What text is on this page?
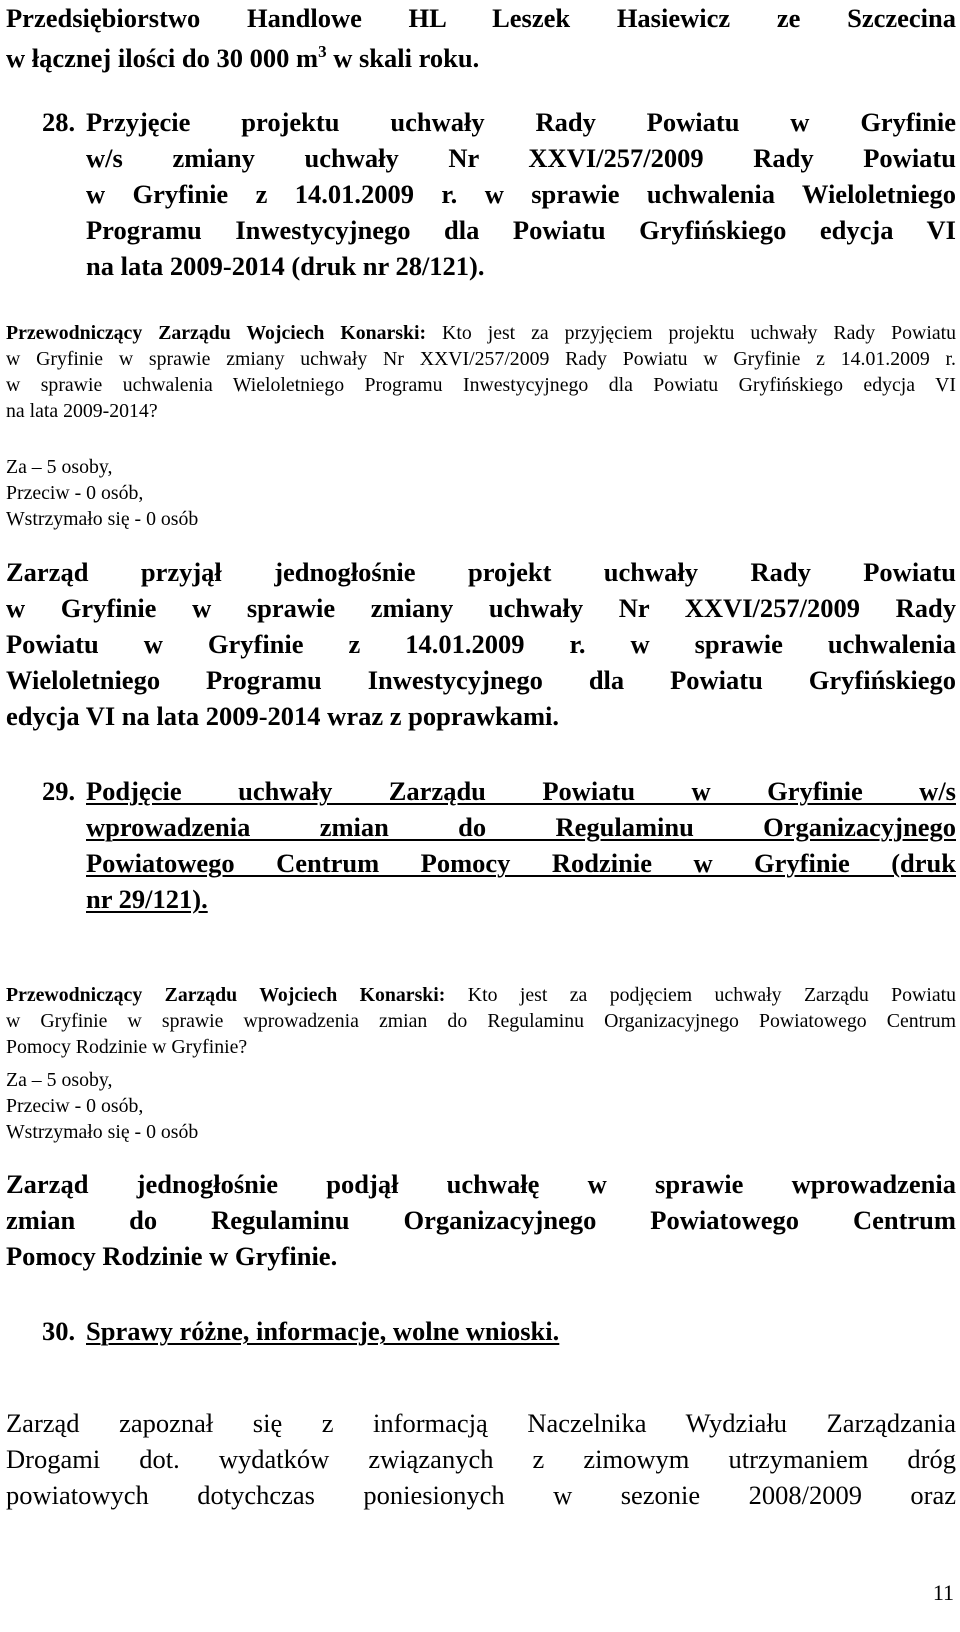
Przedsiębiorstwo Handlowe HL Leszek Hasiewicz ze Szczecina
w łącznej ilości do 30 000 $m^3$ w skali roku.
28. Przyjęcie projektu uchwały Rady Powiatu w Gryfinie
w/s zmiany uchwały Nr XXVI/257/2009 Rady Powiatu
w Gryfinie z 14.01.2009 r. w sprawie uchwalenia Wieloletniego
Programu Inwestycyjnego dla Powiatu Gryfińskiego edycja VI
na lata 2009-2014 (druk nr 28/121).
Przewodniczący Zarządu Wojciech Konarski: Kto jest za przyjęciem projektu uchwały Rady Powiatu
w Gryfinie w sprawie zmiany uchwały Nr XXVI/257/2009 Rady Powiatu w Gryfinie z 14.01.2009 r.
w sprawie uchwalenia Wieloletniego Programu Inwestycyjnego dla Powiatu Gryfińskiego edycja VI
na lata 2009-2014?
Za – 5 osoby,
Przeciw - 0 osób,
Wstrzymało się - 0 osób
Zarząd przyjął jednogłośnie projekt uchwały Rady Powiatu
w Gryfinie w sprawie zmiany uchwały Nr XXVI/257/2009 Rady
Powiatu w Gryfinie z 14.01.2009 r. w sprawie uchwalenia
Wieloletniego Programu Inwestycyjnego dla Powiatu Gryfińskiego
edycja VI na lata 2009-2014 wraz z poprawkami.
29. Podjęcie uchwały Zarządu Powiatu w Gryfinie w/s
wprowadzenia zmian do Regulaminu Organizacyjnego
Powiatowego Centrum Pomocy Rodzinie w Gryfinie (druk
nr 29/121).
Przewodniczący Zarządu Wojciech Konarski: Kto jest za podjęciem uchwały Zarządu Powiatu
w Gryfinie w sprawie wprowadzenia zmian do Regulaminu Organizacyjnego Powiatowego Centrum
Pomocy Rodzinie w Gryfinie?
Za – 5 osoby,
Przeciw - 0 osób,
Wstrzymało się - 0 osób
Zarząd jednogłośnie podjął uchwałę w sprawie wprowadzenia
zmian do Regulaminu Organizacyjnego Powiatowego Centrum
Pomocy Rodzinie w Gryfinie.
30. Sprawy różne, informacje, wolne wnioski.
Zarząd zapoznał się z informacją Naczelnika Wydziału Zarządzania
Drogami dot. wydatków związanych z zimowym utrzymaniem dróg
powiatowych dotychczas poniesionych w sezonie 2008/2009 oraz
11
